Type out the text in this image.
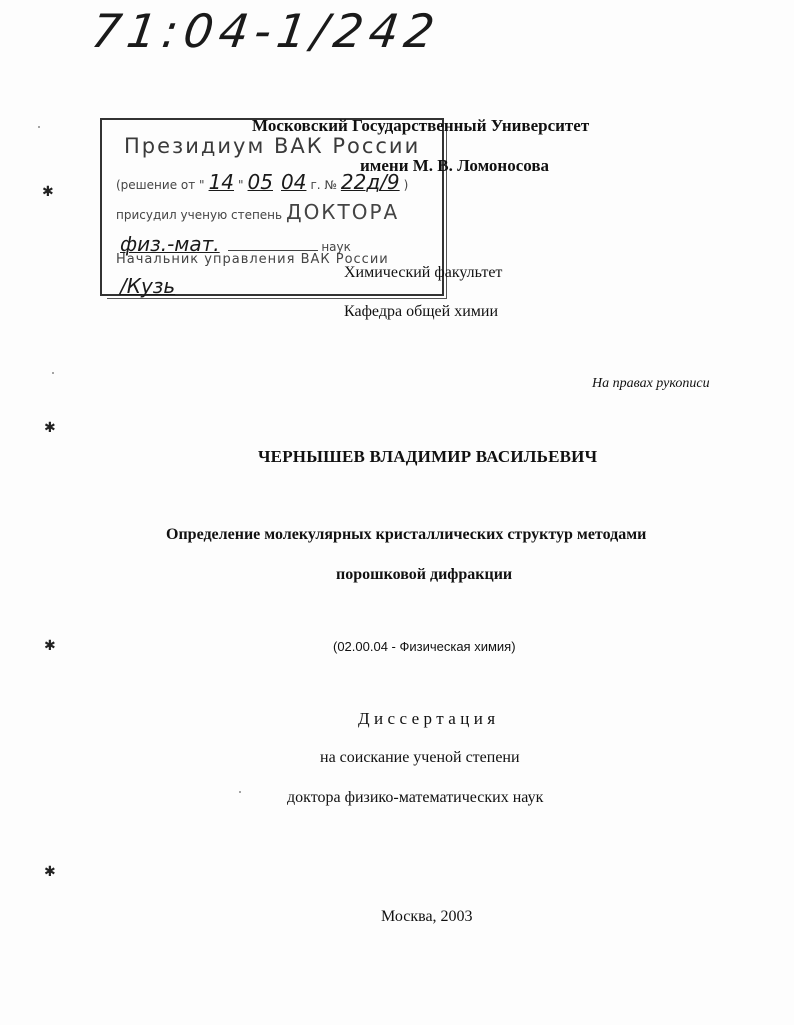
71:04-1/242
Президиум ВАК России
(решение от " 14 " 05 04 г. № 22д/9 )
присудил ученую степень ДОКТОРА
физ.-мат.	наук
Начальник управления ВАК России
/Кузь
Московский Государственный Университет
имени М. В. Ломоносова
Химический факультет
Кафедра общей химии
На правах рукописи
ЧЕРНЫШЕВ ВЛАДИМИР ВАСИЛЬЕВИЧ
Определение молекулярных кристаллических структур методами
порошковой дифракции
(02.00.04 - Физическая химия)
Диссертация
на соискание ученой степени
доктора физико-математических наук
Москва, 2003
✱
✱
✱
✱
